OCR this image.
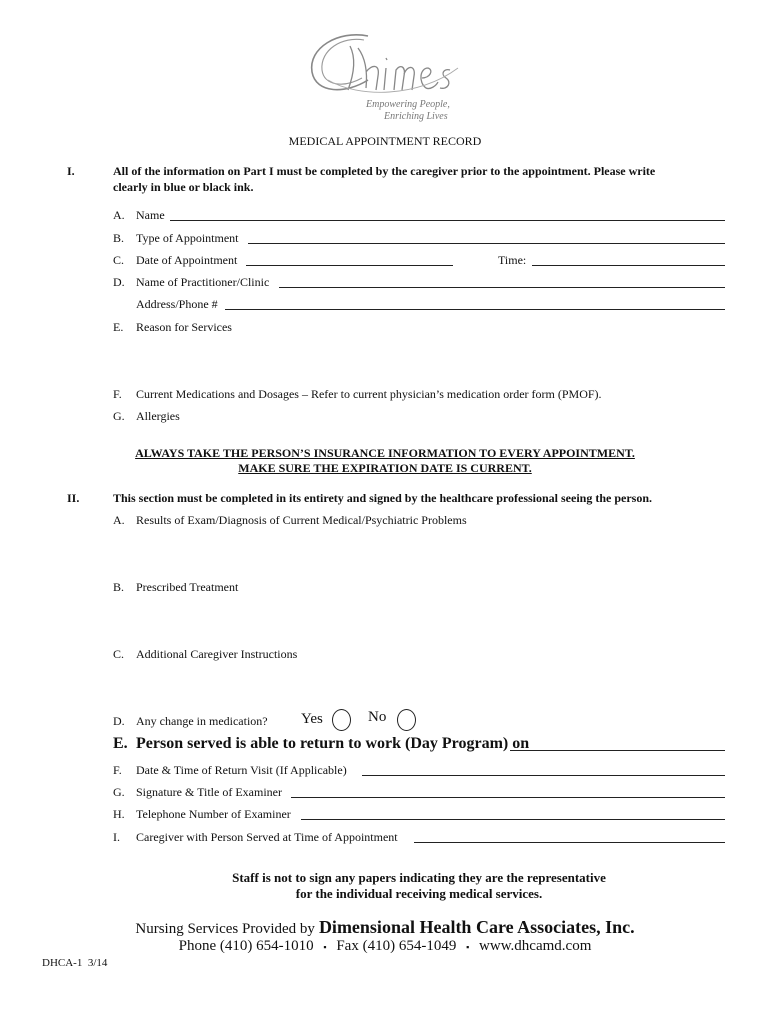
Empowering People,
Enriching Lives
MEDICAL APPOINTMENT RECORD
I.	All of the information on Part I must be completed by the caregiver prior to the appointment. Please write
clearly in blue or black ink.
A. Name
B. Type of Appointment
C. Date of Appointment	Time:
D. Name of Practitioner/Clinic
Address/Phone #
E. Reason for Services
F. Current Medications and Dosages – Refer to current physician’s medication order form (PMOF).
G. Allergies
ALWAYS TAKE THE PERSON’S INSURANCE INFORMATION TO EVERY APPOINTMENT.
MAKE SURE THE EXPIRATION DATE IS CURRENT.
II.	This section must be completed in its entirety and signed by the healthcare professional seeing the person.
A. Results of Exam/Diagnosis of Current Medical/Psychiatric Problems
B. Prescribed Treatment
C. Additional Caregiver Instructions
D. Any change in medication? Yes	No
E. Person served is able to return to work (Day Program) on
F. Date & Time of Return Visit (If Applicable)
G. Signature & Title of Examiner
H. Telephone Number of Examiner
I. Caregiver with Person Served at Time of Appointment
Staff is not to sign any papers indicating they are the representative
for the individual receiving medical services.
Nursing Services Provided by Dimensional Health Care Associates, Inc.
Phone (410) 654-1010 ▪ Fax (410) 654-1049 ▪ www.dhcamd.com
DHCA-1  3/14
